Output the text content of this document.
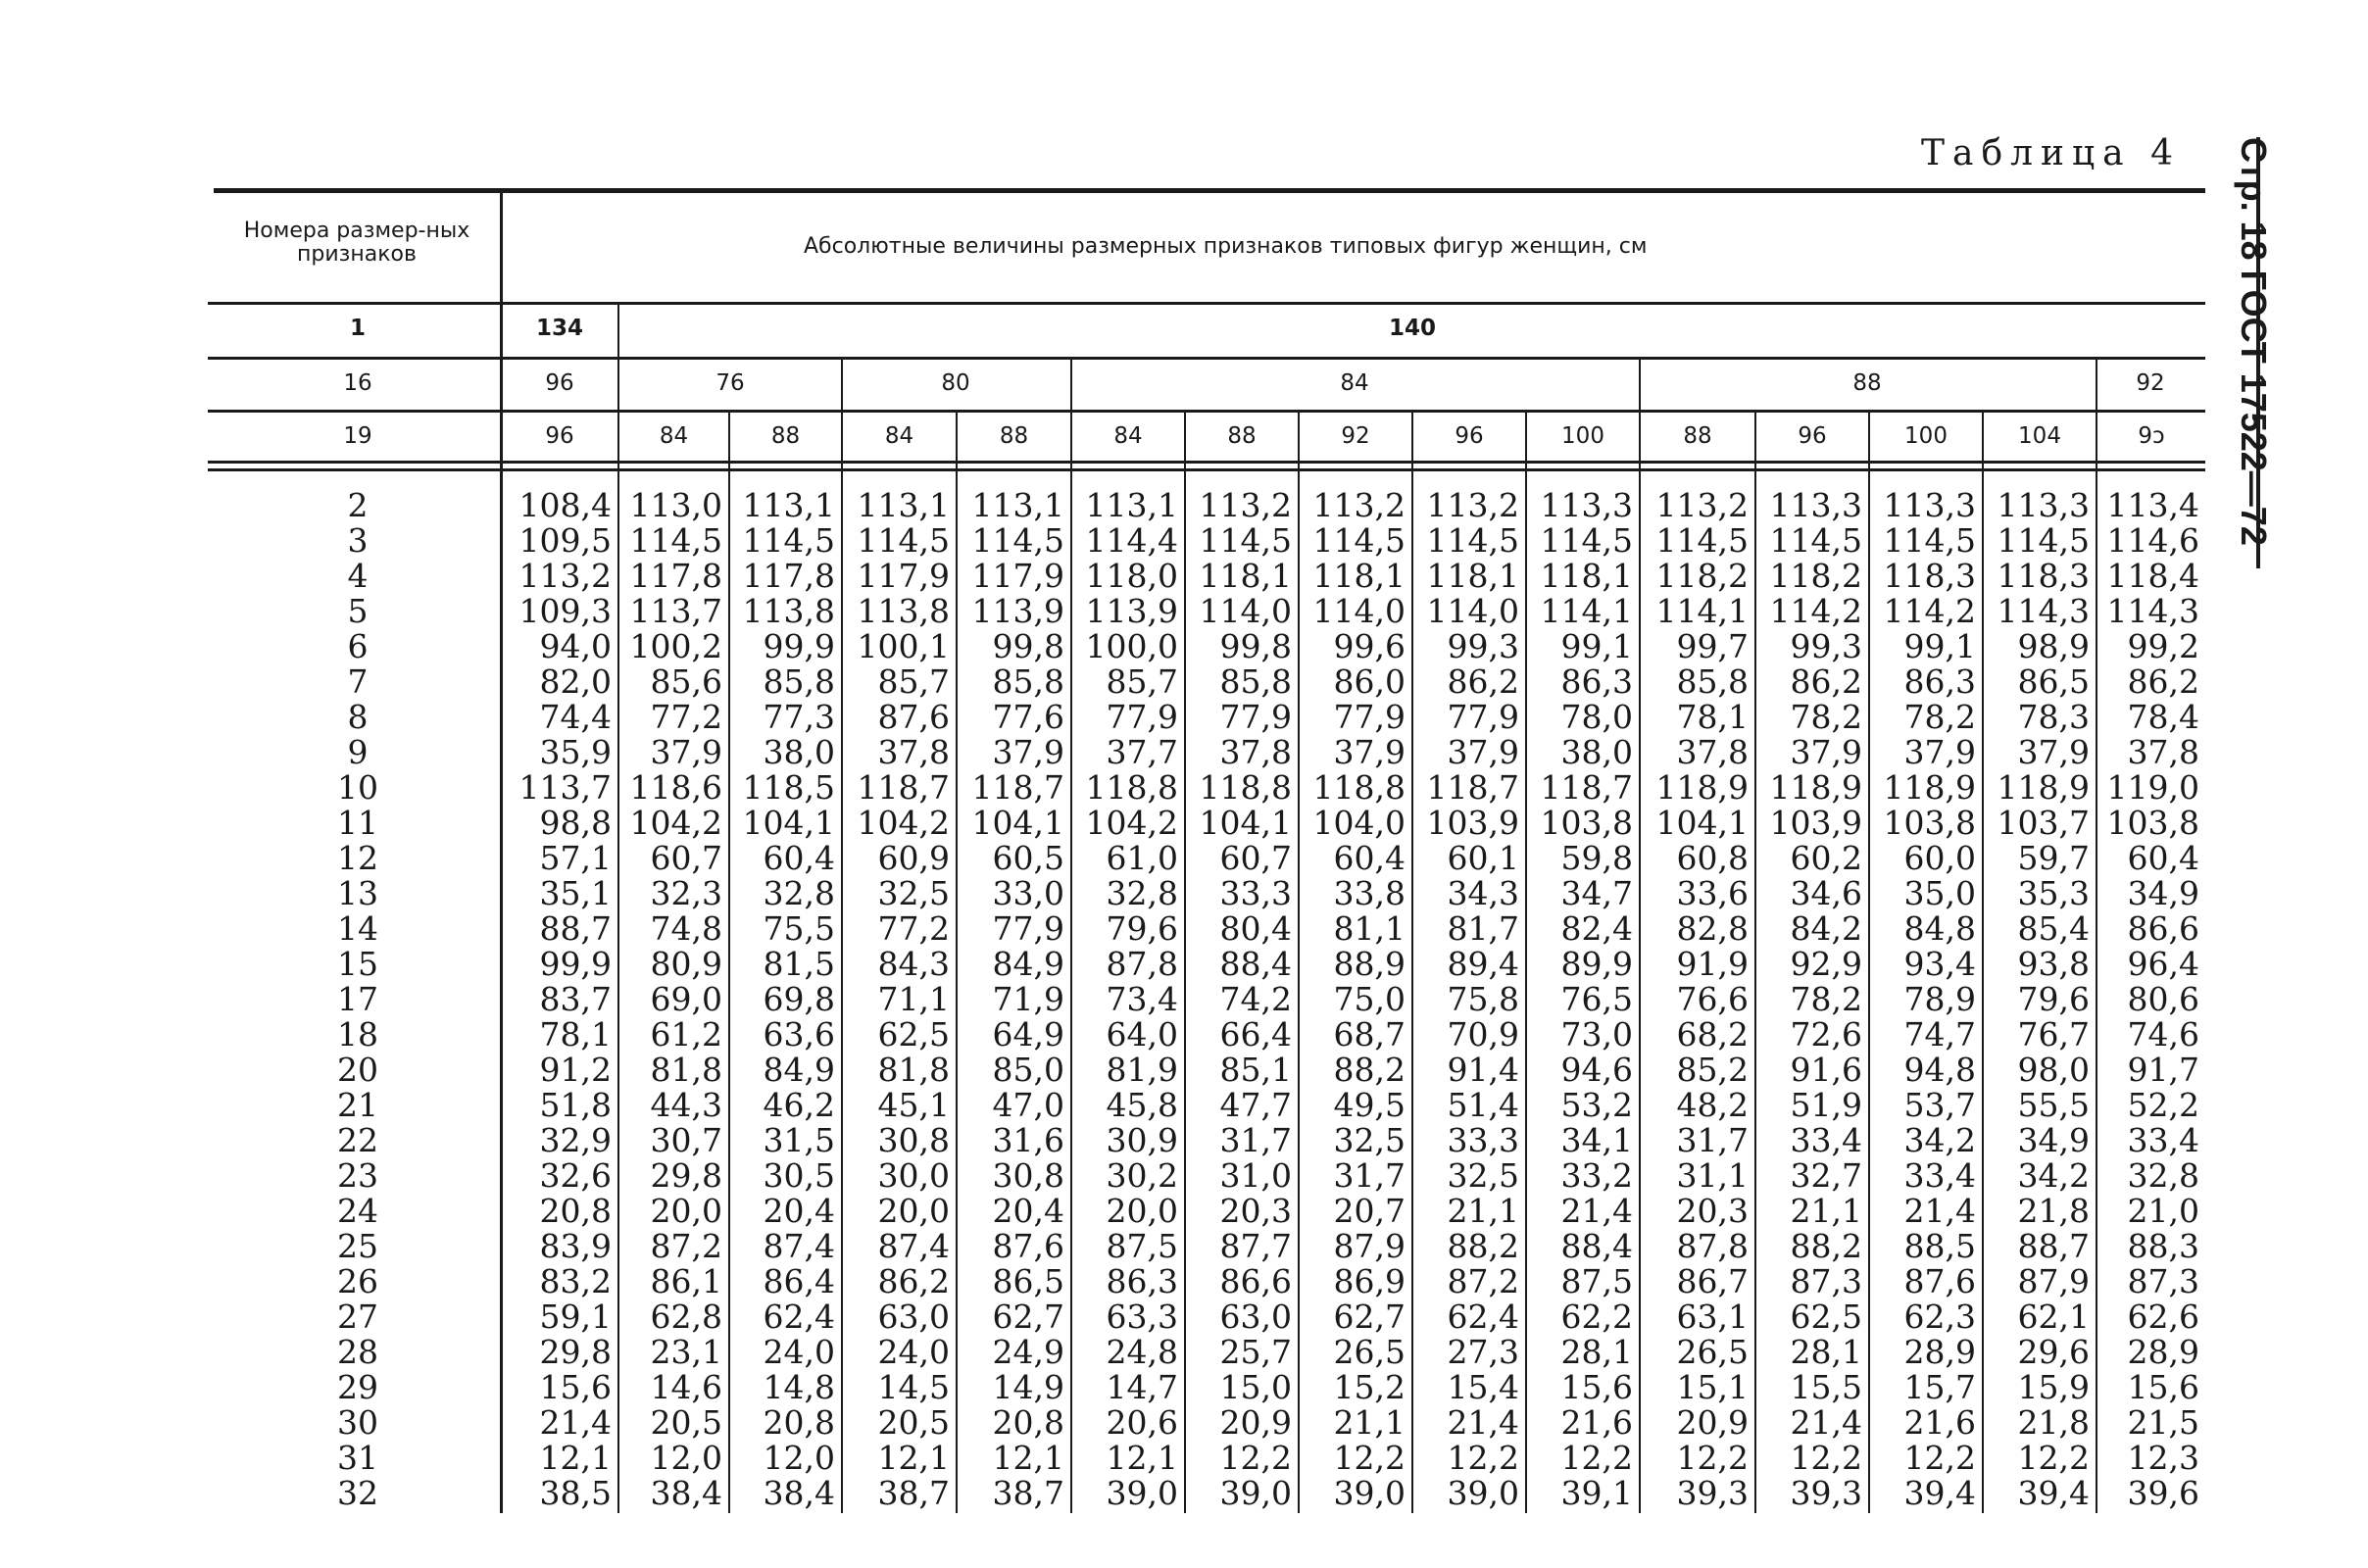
Таблица 4 Стр. 18 ГОСТ 17522—72
Номера размер-ных признаков	Абсолютные величины размерных признаков типовых фигур женщин, см
1	134	140
16	96	76	80	84	88	92
19	96	84	88	84	88	84	88	92	96	100	88	96	100	104	9ↄ
2	108,4 113,0 113,1 113,1 113,1 113,1 113,2 113,2 113,2 113,3 113,2 113,3 113,3 113,3 113,4
3	109,5 114,5 114,5 114,5 114,5 114,4 114,5 114,5 114,5 114,5 114,5 114,5 114,5 114,5 114,6
4	113,2 117,8 117,8 117,9 117,9 118,0 118,1 118,1 118,1 118,1 118,2 118,2 118,3 118,3 118,4
5	109,3 113,7 113,8 113,8 113,9 113,9 114,0 114,0 114,0 114,1 114,1 114,2 114,2 114,3 114,3
6	94,0 100,2	99,9 100,1	99,8 100,0	99,8	99,6	99,3	99,1	99,7	99,3	99,1	98,9	99,2
7	82,0	85,6	85,8	85,7	85,8	85,7	85,8	86,0	86,2	86,3	85,8	86,2	86,3	86,5	86,2
8	74,4	77,2	77,3	87,6	77,6	77,9	77,9	77,9	77,9	78,0	78,1	78,2	78,2	78,3	78,4
9	35,9	37,9	38,0	37,8	37,9	37,7	37,8	37,9	37,9	38,0	37,8	37,9	37,9	37,9	37,8
10	113,7 118,6 118,5 118,7 118,7 118,8 118,8 118,8 118,7 118,7 118,9 118,9 118,9 118,9 119,0
11	98,8 104,2 104,1 104,2 104,1 104,2 104,1 104,0 103,9 103,8 104,1 103,9 103,8 103,7 103,8
12	57,1	60,7	60,4	60,9	60,5	61,0	60,7	60,4	60,1	59,8	60,8	60,2	60,0	59,7	60,4
13	35,1	32,3	32,8	32,5	33,0	32,8	33,3	33,8	34,3	34,7	33,6	34,6	35,0	35,3	34,9
14	88,7	74,8	75,5	77,2	77,9	79,6	80,4	81,1	81,7	82,4	82,8	84,2	84,8	85,4	86,6
15	99,9	80,9	81,5	84,3	84,9	87,8	88,4	88,9	89,4	89,9	91,9	92,9	93,4	93,8	96,4
17	83,7	69,0	69,8	71,1	71,9	73,4	74,2	75,0	75,8	76,5	76,6	78,2	78,9	79,6	80,6
18	78,1	61,2	63,6	62,5	64,9	64,0	66,4	68,7	70,9	73,0	68,2	72,6	74,7	76,7	74,6
20	91,2	81,8	84,9	81,8	85,0	81,9	85,1	88,2	91,4	94,6	85,2	91,6	94,8	98,0	91,7
21	51,8	44,3	46,2	45,1	47,0	45,8	47,7	49,5	51,4	53,2	48,2	51,9	53,7	55,5	52,2
22	32,9	30,7	31,5	30,8	31,6	30,9	31,7	32,5	33,3	34,1	31,7	33,4	34,2	34,9	33,4
23	32,6	29,8	30,5	30,0	30,8	30,2	31,0	31,7	32,5	33,2	31,1	32,7	33,4	34,2	32,8
24	20,8	20,0	20,4	20,0	20,4	20,0	20,3	20,7	21,1	21,4	20,3	21,1	21,4	21,8	21,0
25	83,9	87,2	87,4	87,4	87,6	87,5	87,7	87,9	88,2	88,4	87,8	88,2	88,5	88,7	88,3
26	83,2	86,1	86,4	86,2	86,5	86,3	86,6	86,9	87,2	87,5	86,7	87,3	87,6	87,9	87,3
27	59,1	62,8	62,4	63,0	62,7	63,3	63,0	62,7	62,4	62,2	63,1	62,5	62,3	62,1	62,6
28	29,8	23,1	24,0	24,0	24,9	24,8	25,7	26,5	27,3	28,1	26,5	28,1	28,9	29,6	28,9
29	15,6	14,6	14,8	14,5	14,9	14,7	15,0	15,2	15,4	15,6	15,1	15,5	15,7	15,9	15,6
30	21,4	20,5	20,8	20,5	20,8	20,6	20,9	21,1	21,4	21,6	20,9	21,4	21,6	21,8	21,5
31	12,1	12,0	12,0	12,1	12,1	12,1	12,2	12,2	12,2	12,2	12,2	12,2	12,2	12,2	12,3
32	38,5	38,4	38,4	38,7	38,7	39,0	39,0	39,0	39,0	39,1	39,3	39,3	39,4	39,4	39,6
